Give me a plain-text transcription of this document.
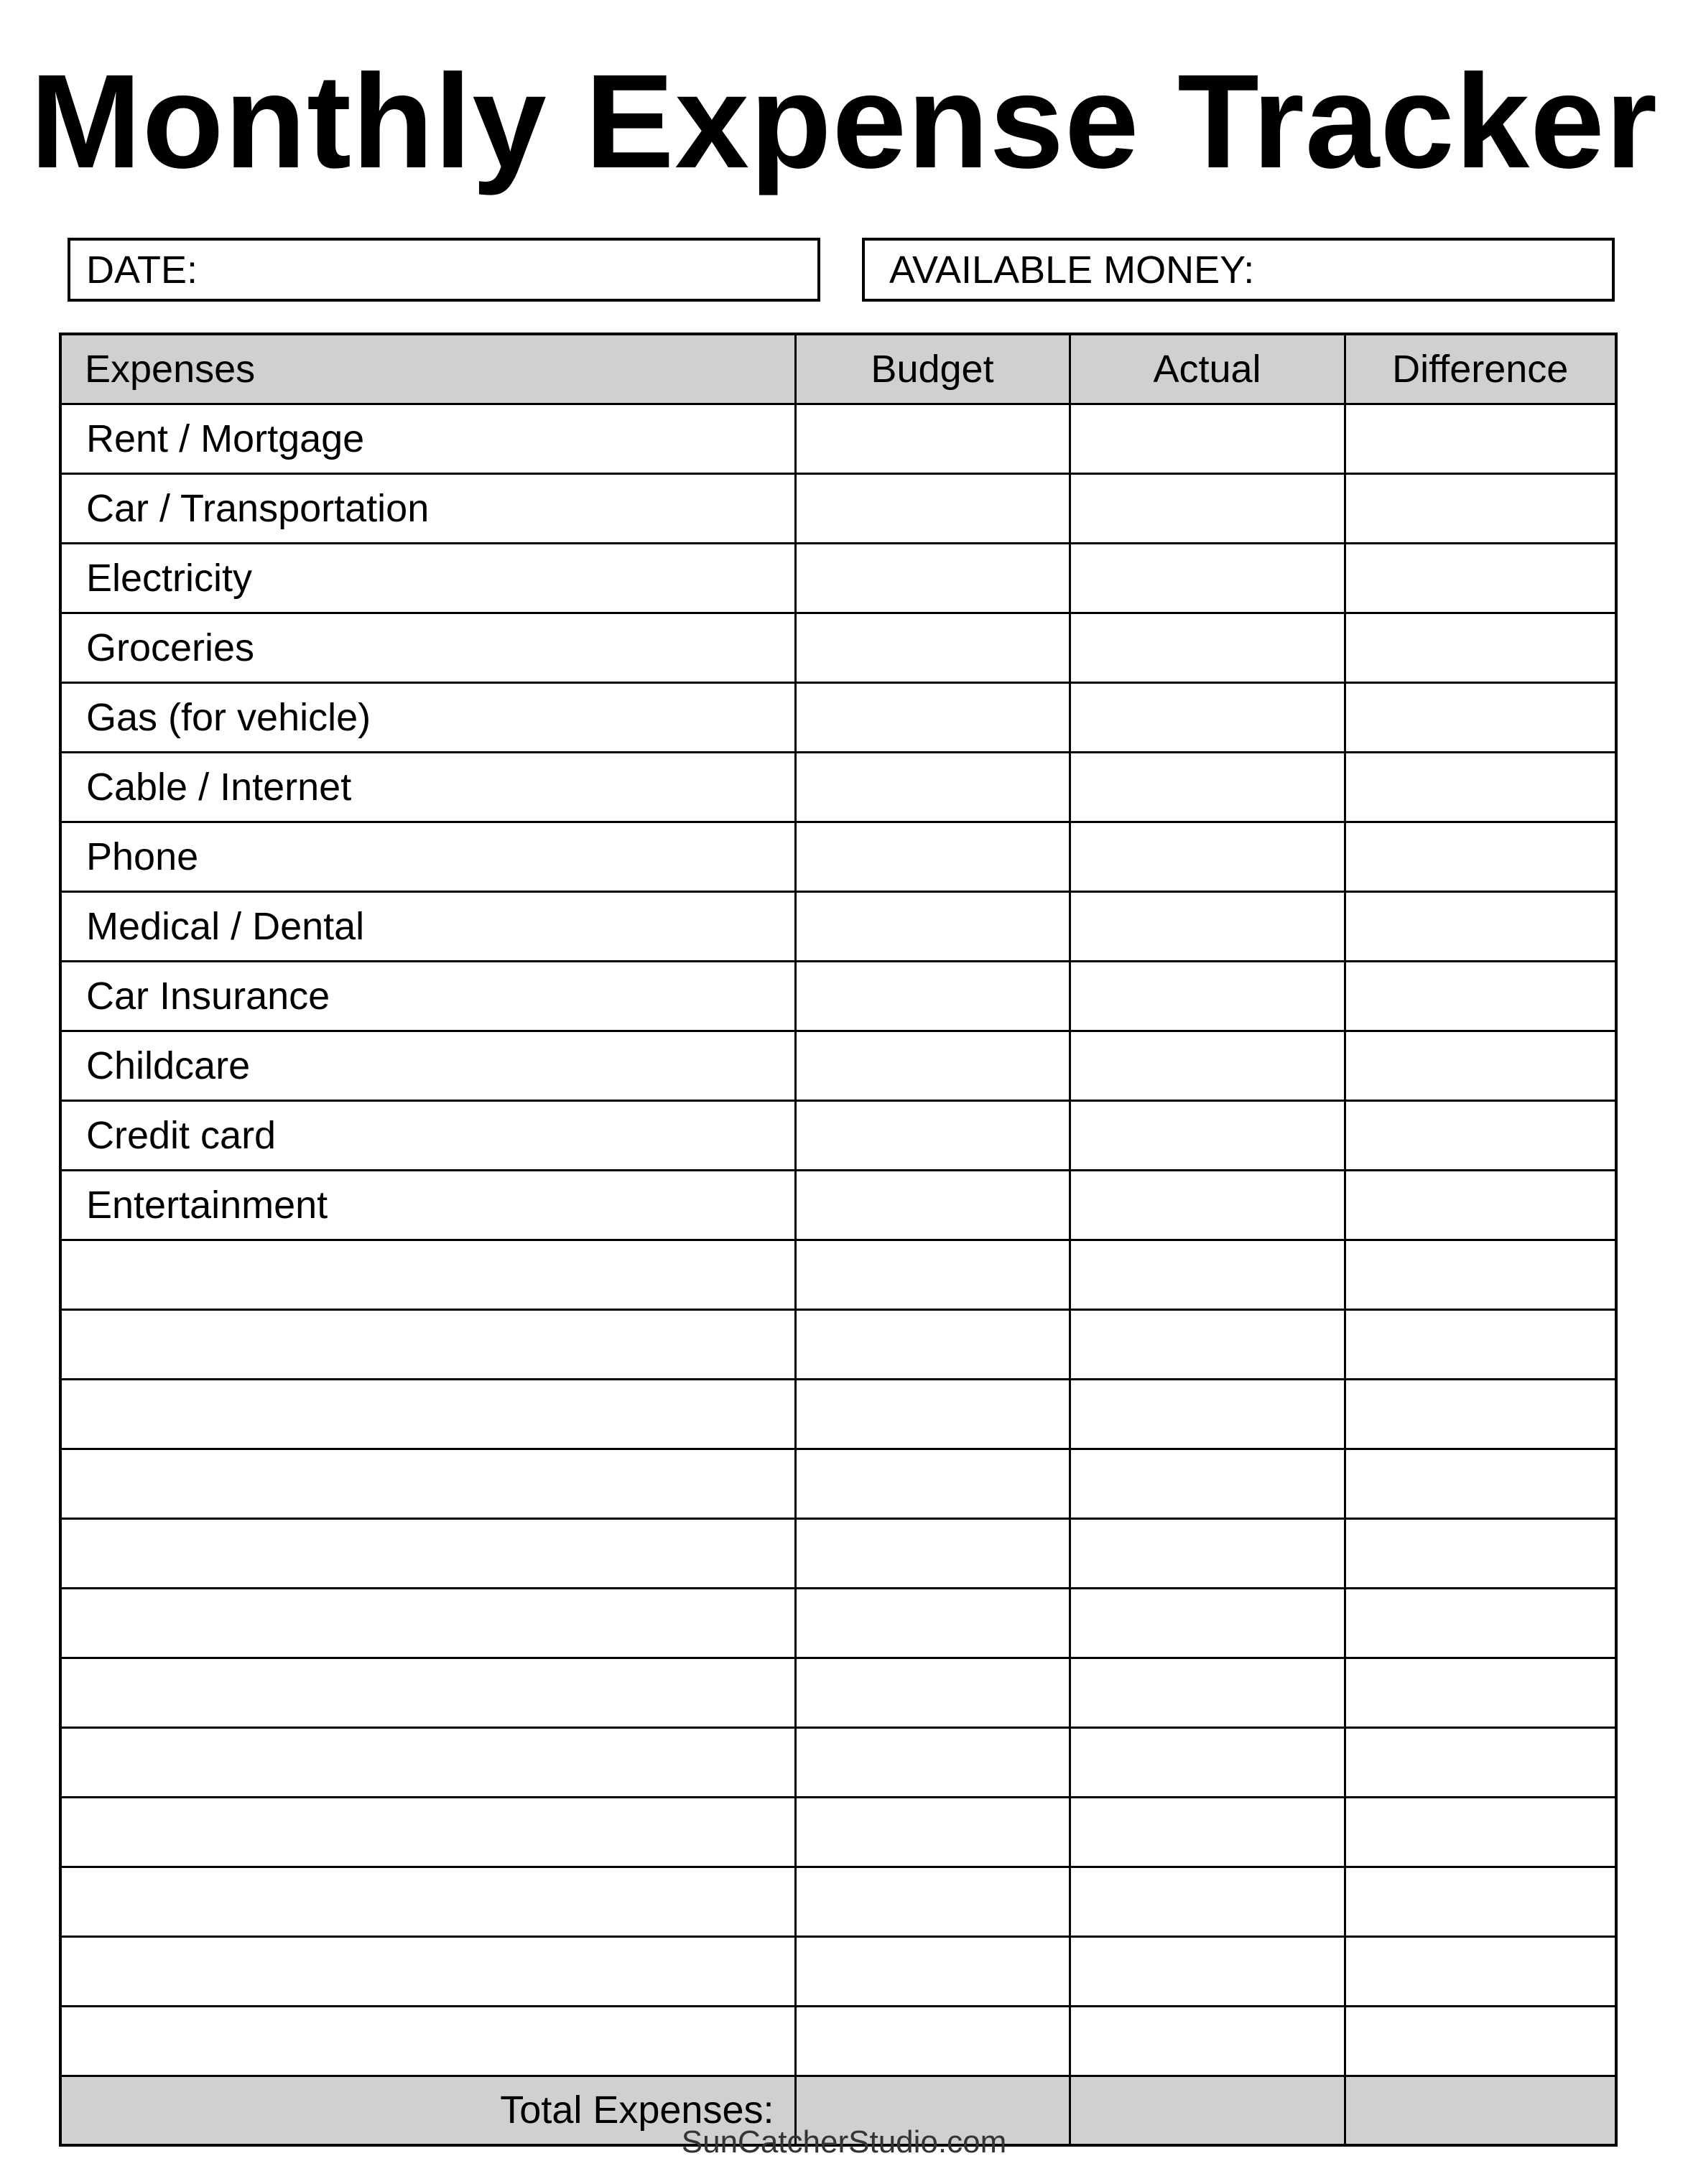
Monthly Expense Tracker
DATE:	AVAILABLE MONEY:
Expenses	Budget	Actual	Difference
Rent / Mortgage			
Car / Transportation			
Electricity			
Groceries			
Gas (for vehicle)			
Cable / Internet			
Phone			
Medical / Dental			
Car Insurance			
Childcare			
Credit card			
Entertainment			

Total Expenses:			
SunCatcherStudio.com
